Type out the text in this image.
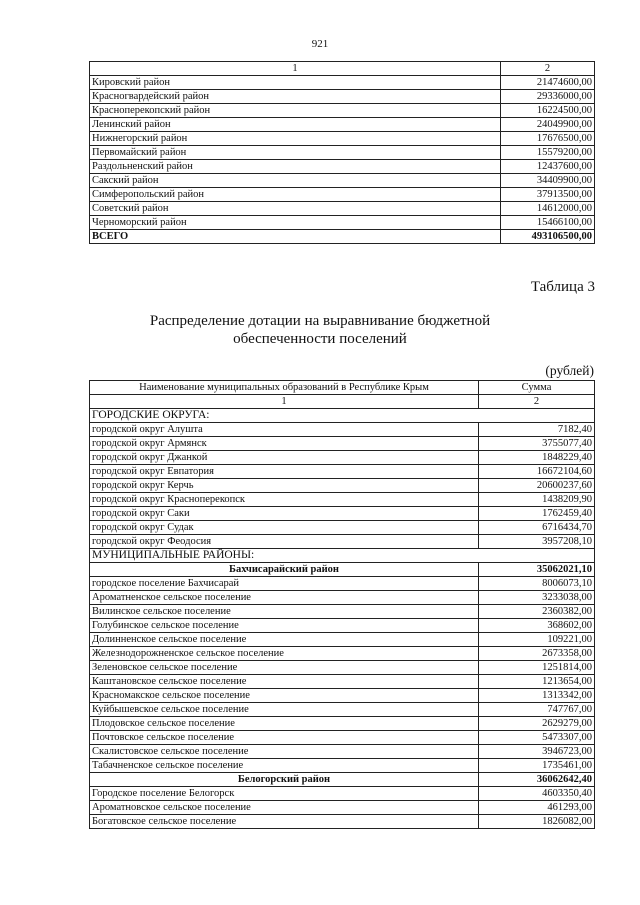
921
1	2
Кировский район	21474600,00
Красногвардейский район	29336000,00
Красноперекопский район	16224500,00
Ленинский район	24049900,00
Нижнегорский район	17676500,00
Первомайский район	15579200,00
Раздольненский район	12437600,00
Сакский район	34409900,00
Симферопольский район	37913500,00
Советский район	14612000,00
Черноморский район	15466100,00
ВСЕГО	493106500,00
Таблица 3
Распределение дотации на выравнивание бюджетной
обеспеченности поселений
(рублей)
Наименование муниципальных образований в Республике Крым	Сумма
1	2
ГОРОДСКИЕ ОКРУГА:	
городской округ Алушта	7182,40
городской округ Армянск	3755077,40
городской округ Джанкой	1848229,40
городской округ Евпатория	16672104,60
городской округ Керчь	20600237,60
городской округ Красноперекопск	1438209,90
городской округ Саки	1762459,40
городской округ Судак	6716434,70
городской округ Феодосия	3957208,10
МУНИЦИПАЛЬНЫЕ РАЙОНЫ:	
Бахчисарайский район	35062021,10
городское поселение Бахчисарай	8006073,10
Ароматненское сельское поселение	3233038,00
Вилинское сельское поселение	2360382,00
Голубинское сельское поселение	368602,00
Долинненское сельское поселение	109221,00
Железнодорожненское сельское поселение	2673358,00
Зеленовское сельское поселение	1251814,00
Каштановское сельское поселение	1213654,00
Красномакское сельское поселение	1313342,00
Куйбышевское сельское поселение	747767,00
Плодовское сельское поселение	2629279,00
Почтовское сельское поселение	5473307,00
Скалистовское сельское поселение	3946723,00
Табачненское сельское поселение	1735461,00
Белогорский район	36062642,40
Городское поселение Белогорск	4603350,40
Ароматновское сельское поселение	461293,00
Богатовское сельское поселение	1826082,00
